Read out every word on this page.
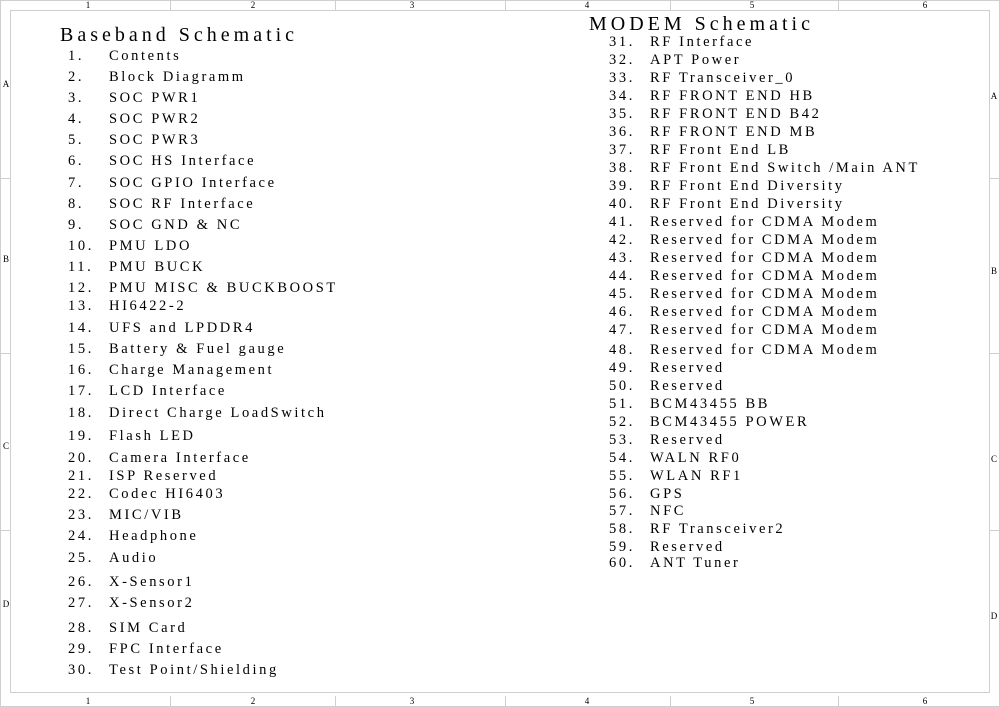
1
1
2
2
3
3
4
4
5
5
6
6
A
B
C
D
A
B
C
D
Baseband Schematic	MODEM Schematic
1. Contents
2. Block Diagramm
3. SOC PWR1
4. SOC PWR2
5. SOC PWR3
6. SOC HS Interface
7. SOC GPIO Interface
8. SOC RF Interface
9. SOC GND & NC
10. PMU LDO
11. PMU BUCK
12. PMU MISC & BUCKBOOST
13. HI6422-2
14. UFS and LPDDR4
15. Battery & Fuel gauge
16. Charge Management
17. LCD Interface
18. Direct Charge LoadSwitch
19. Flash LED
20. Camera Interface
21. ISP Reserved
22. Codec HI6403
23. MIC/VIB
24. Headphone
25. Audio
26. X-Sensor1
27. X-Sensor2
28. SIM Card
29. FPC Interface
30. Test Point/Shielding
31. RF Interface
32. APT Power
33. RF Transceiver_0
34. RF FRONT END HB
35. RF FRONT END B42
36. RF FRONT END MB
37. RF Front End LB
38. RF Front End Switch /Main ANT
39. RF Front End Diversity
40. RF Front End Diversity
41. Reserved for CDMA Modem
42. Reserved for CDMA Modem
43. Reserved for CDMA Modem
44. Reserved for CDMA Modem
45. Reserved for CDMA Modem
46. Reserved for CDMA Modem
47. Reserved for CDMA Modem
48. Reserved for CDMA Modem
49. Reserved
50. Reserved
51. BCM43455 BB
52. BCM43455 POWER
53. Reserved
54. WALN RF0
55. WLAN RF1
56. GPS
57. NFC
58. RF Transceiver2
59. Reserved
60. ANT Tuner
